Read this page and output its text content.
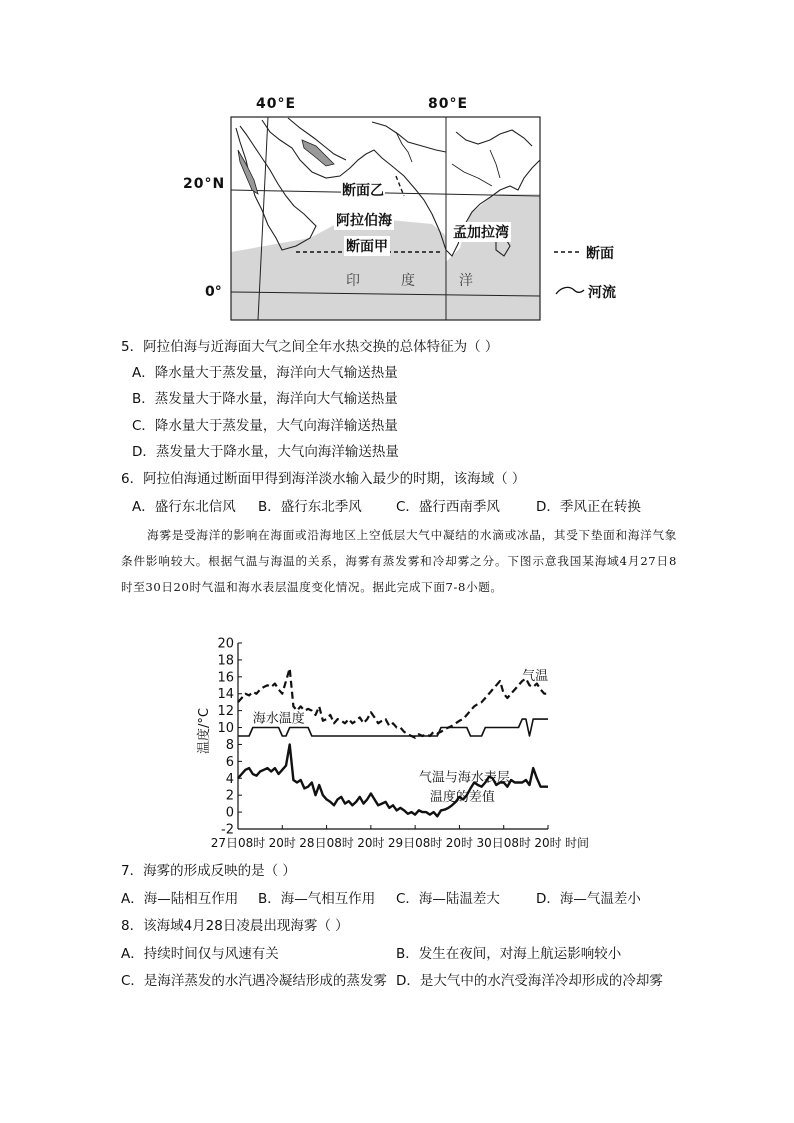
40°E	80°E
20°N
0°
断面乙
阿拉伯海
断面甲
孟加拉湾
印	度	洋
断面
河流
5．阿拉伯海与近海面大气之间全年水热交换的总体特征为（ ）
A．降水量大于蒸发量，海洋向大气输送热量
B．蒸发量大于降水量，海洋向大气输送热量
C．降水量大于蒸发量，大气向海洋输送热量
D．蒸发量大于降水量，大气向海洋输送热量
6．阿拉伯海通过断面甲得到海洋淡水输入最少的时期，该海域（ ）
A．盛行东北信风 B．盛行东北季风	C．盛行西南季风	D．季风正在转换
海雾是受海洋的影响在海面或沿海地区上空低层大气中凝结的水滴或冰晶，其受下垫面和海洋气象条件影响较大。根据气温与海温的关系，海雾有蒸发雾和冷却雾之分。下图示意我国某海域4月27日8时至30日20时气温和海水表层温度变化情况。据此完成下面7-8小题。
-2
0
2
4
6
8
10
12
14
16
18
20
27日08时 20时 28日08时 20时 29日08时 20时 30日08时 20时 时间
温度/°C
气温
海水温度
气温与海水表层
温度的差值
7．海雾的形成反映的是（ ）
A．海—陆相互作用 B．海—气相互作用 C．海—陆温差大	D．海—气温差小
8．该海域4月28日凌晨出现海雾（ ）
A．持续时间仅与风速有关	B．发生在夜间，对海上航运影响较小
C．是海洋蒸发的水汽遇冷凝结形成的蒸发雾 D．是大气中的水汽受海洋冷却形成的冷却雾
